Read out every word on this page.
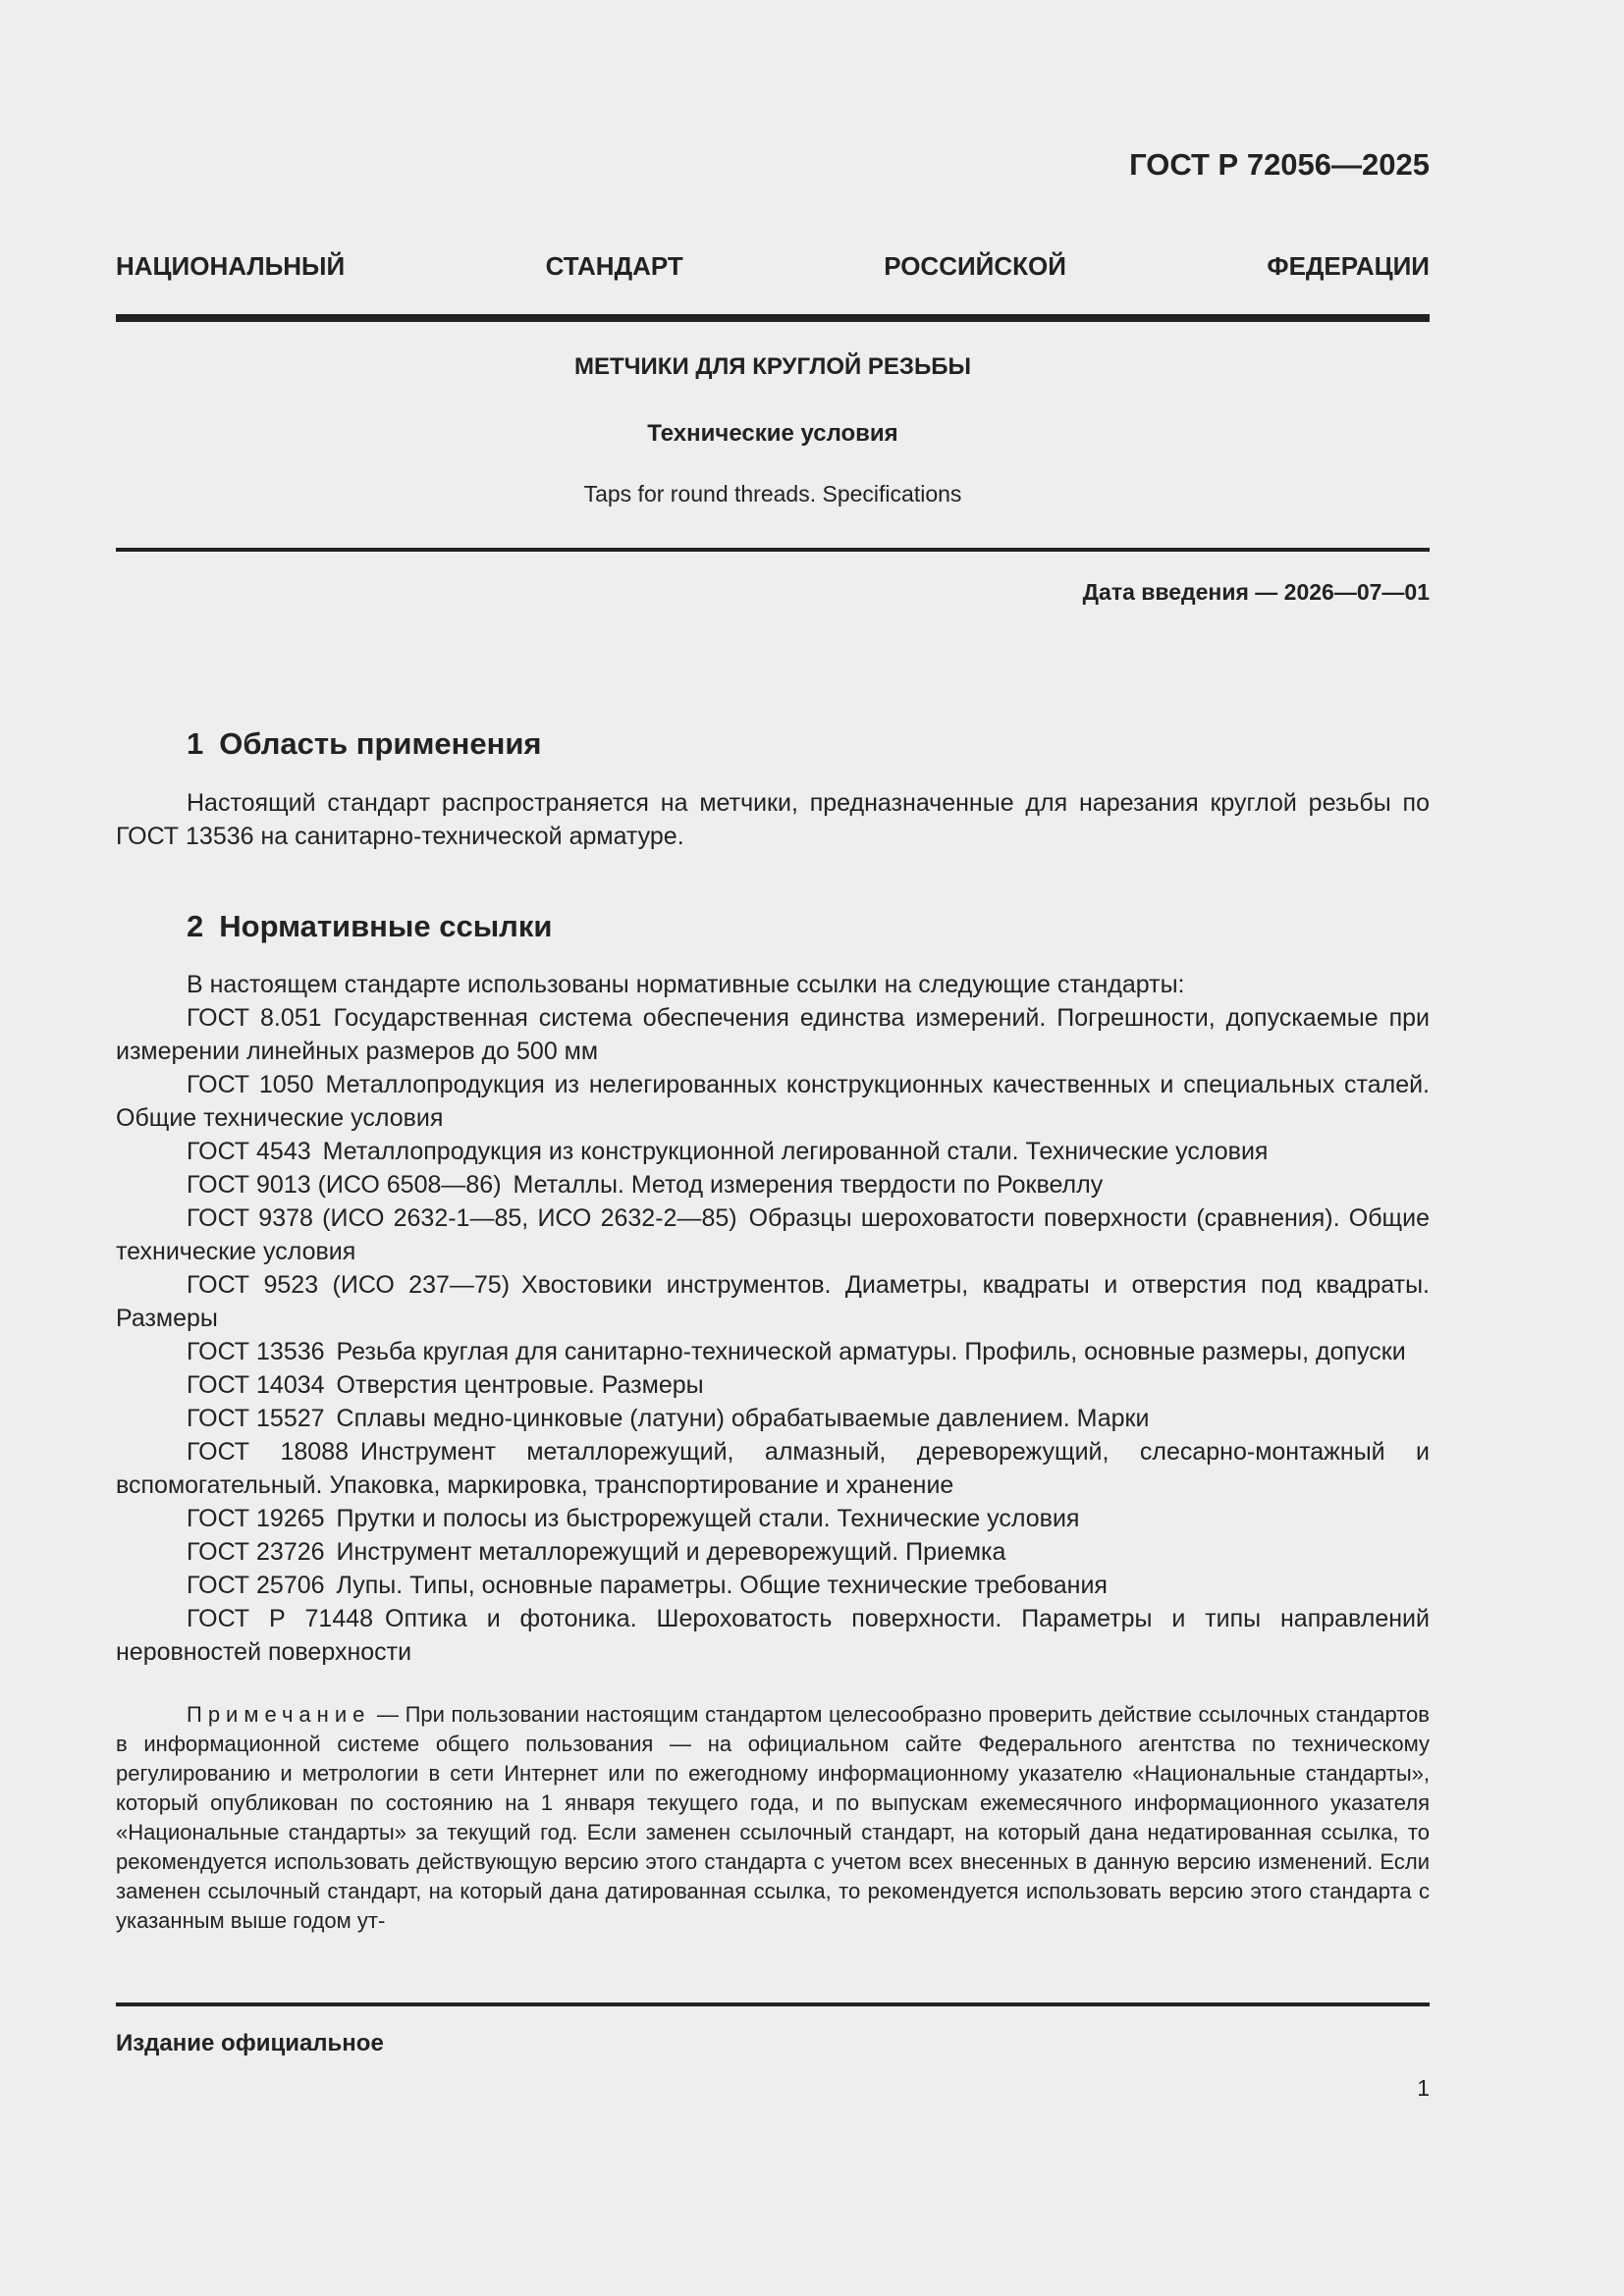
ГОСТ Р 72056—2025
НАЦИОНАЛЬНЫЙ	СТАНДАРТ	РОССИЙСКОЙ	ФЕДЕРАЦИИ
МЕТЧИКИ ДЛЯ КРУГЛОЙ РЕЗЬБЫ
Технические условия
Taps for round threads. Specifications
Дата введения — 2026—07—01
1 Область применения

Настоящий стандарт распространяется на метчики, предназначенные для нарезания круглой резьбы по ГОСТ 13536 на санитарно-технической арматуре.

2 Нормативные ссылки

В настоящем стандарте использованы нормативные ссылки на следующие стандарты:

ГОСТ 8.051 Государственная система обеспечения единства измерений. Погрешности, допускаемые при измерении линейных размеров до 500 мм

ГОСТ 1050 Металлопродукция из нелегированных конструкционных качественных и специальных сталей. Общие технические условия

ГОСТ 4543 Металлопродукция из конструкционной легированной стали. Технические условия

ГОСТ 9013 (ИСО 6508—86) Металлы. Метод измерения твердости по Роквеллу

ГОСТ 9378 (ИСО 2632-1—85, ИСО 2632-2—85) Образцы шероховатости поверхности (сравнения). Общие технические условия

ГОСТ 9523 (ИСО 237—75) Хвостовики инструментов. Диаметры, квадраты и отверстия под квадраты. Размеры

ГОСТ 13536 Резьба круглая для санитарно-технической арматуры. Профиль, основные размеры, допуски

ГОСТ 14034 Отверстия центровые. Размеры

ГОСТ 15527 Сплавы медно-цинковые (латуни) обрабатываемые давлением. Марки

ГОСТ 18088 Инструмент металлорежущий, алмазный, дереворежущий, слесарно-монтажный и вспомогательный. Упаковка, маркировка, транспортирование и хранение

ГОСТ 19265 Прутки и полосы из быстрорежущей стали. Технические условия

ГОСТ 23726 Инструмент металлорежущий и дереворежущий. Приемка

ГОСТ 25706 Лупы. Типы, основные параметры. Общие технические требования

ГОСТ Р 71448 Оптика и фотоника. Шероховатость поверхности. Параметры и типы направлений неровностей поверхности

Примечание — При пользовании настоящим стандартом целесообразно проверить действие ссылочных стандартов в информационной системе общего пользования — на официальном сайте Федерального агентства по техническому регулированию и метрологии в сети Интернет или по ежегодному информационному указателю «Национальные стандарты», который опубликован по состоянию на 1 января текущего года, и по выпускам ежемесячного информационного указателя «Национальные стандарты» за текущий год. Если заменен ссылочный стандарт, на который дана недатированная ссылка, то рекомендуется использовать действующую версию этого стандарта с учетом всех внесенных в данную версию изменений. Если заменен ссылочный стандарт, на который дана датированная ссылка, то рекомендуется использовать версию этого стандарта с указанным выше годом ут-

Издание официальное
1
